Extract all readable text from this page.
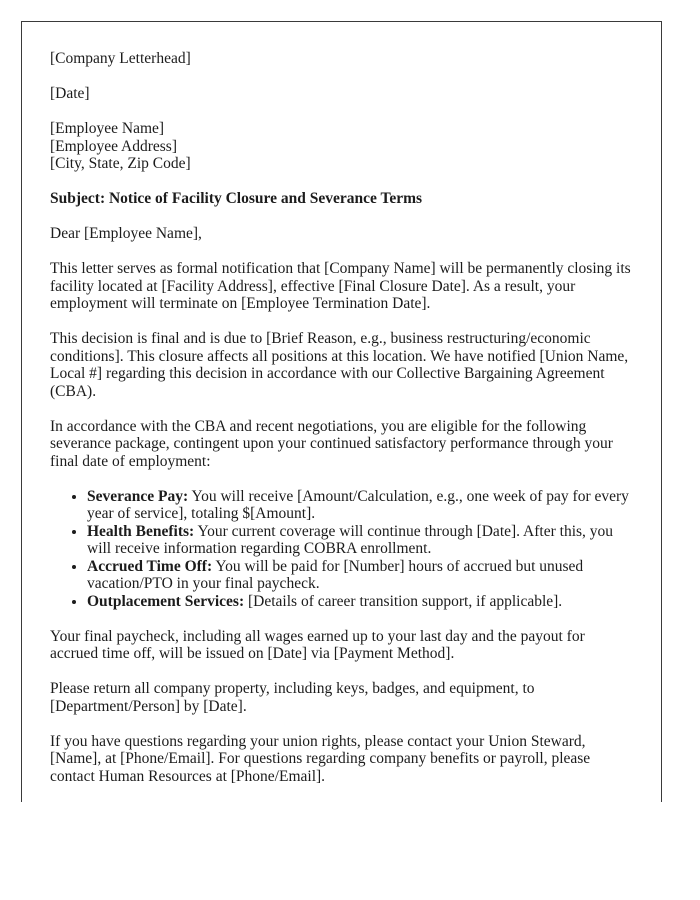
[Company Letterhead]

[Date]

[Employee Name]
[Employee Address]
[City, State, Zip Code]

Subject: Notice of Facility Closure and Severance Terms

Dear [Employee Name],

This letter serves as formal notification that [Company Name] will be permanently closing its facility located at [Facility Address], effective [Final Closure Date]. As a result, your employment will terminate on [Employee Termination Date].

This decision is final and is due to [Brief Reason, e.g., business restructuring/economic conditions]. This closure affects all positions at this location. We have notified [Union Name, Local #] regarding this decision in accordance with our Collective Bargaining Agreement (CBA).

In accordance with the CBA and recent negotiations, you are eligible for the following severance package, contingent upon your continued satisfactory performance through your final date of employment:

• Severance Pay: You will receive [Amount/Calculation, e.g., one week of pay for every year of service], totaling $[Amount].
• Health Benefits: Your current coverage will continue through [Date]. After this, you will receive information regarding COBRA enrollment.
• Accrued Time Off: You will be paid for [Number] hours of accrued but unused vacation/PTO in your final paycheck.
• Outplacement Services: [Details of career transition support, if applicable].

Your final paycheck, including all wages earned up to your last day and the payout for accrued time off, will be issued on [Date] via [Payment Method].

Please return all company property, including keys, badges, and equipment, to [Department/Person] by [Date].

If you have questions regarding your union rights, please contact your Union Steward, [Name], at [Phone/Email]. For questions regarding company benefits or payroll, please contact Human Resources at [Phone/Email].
